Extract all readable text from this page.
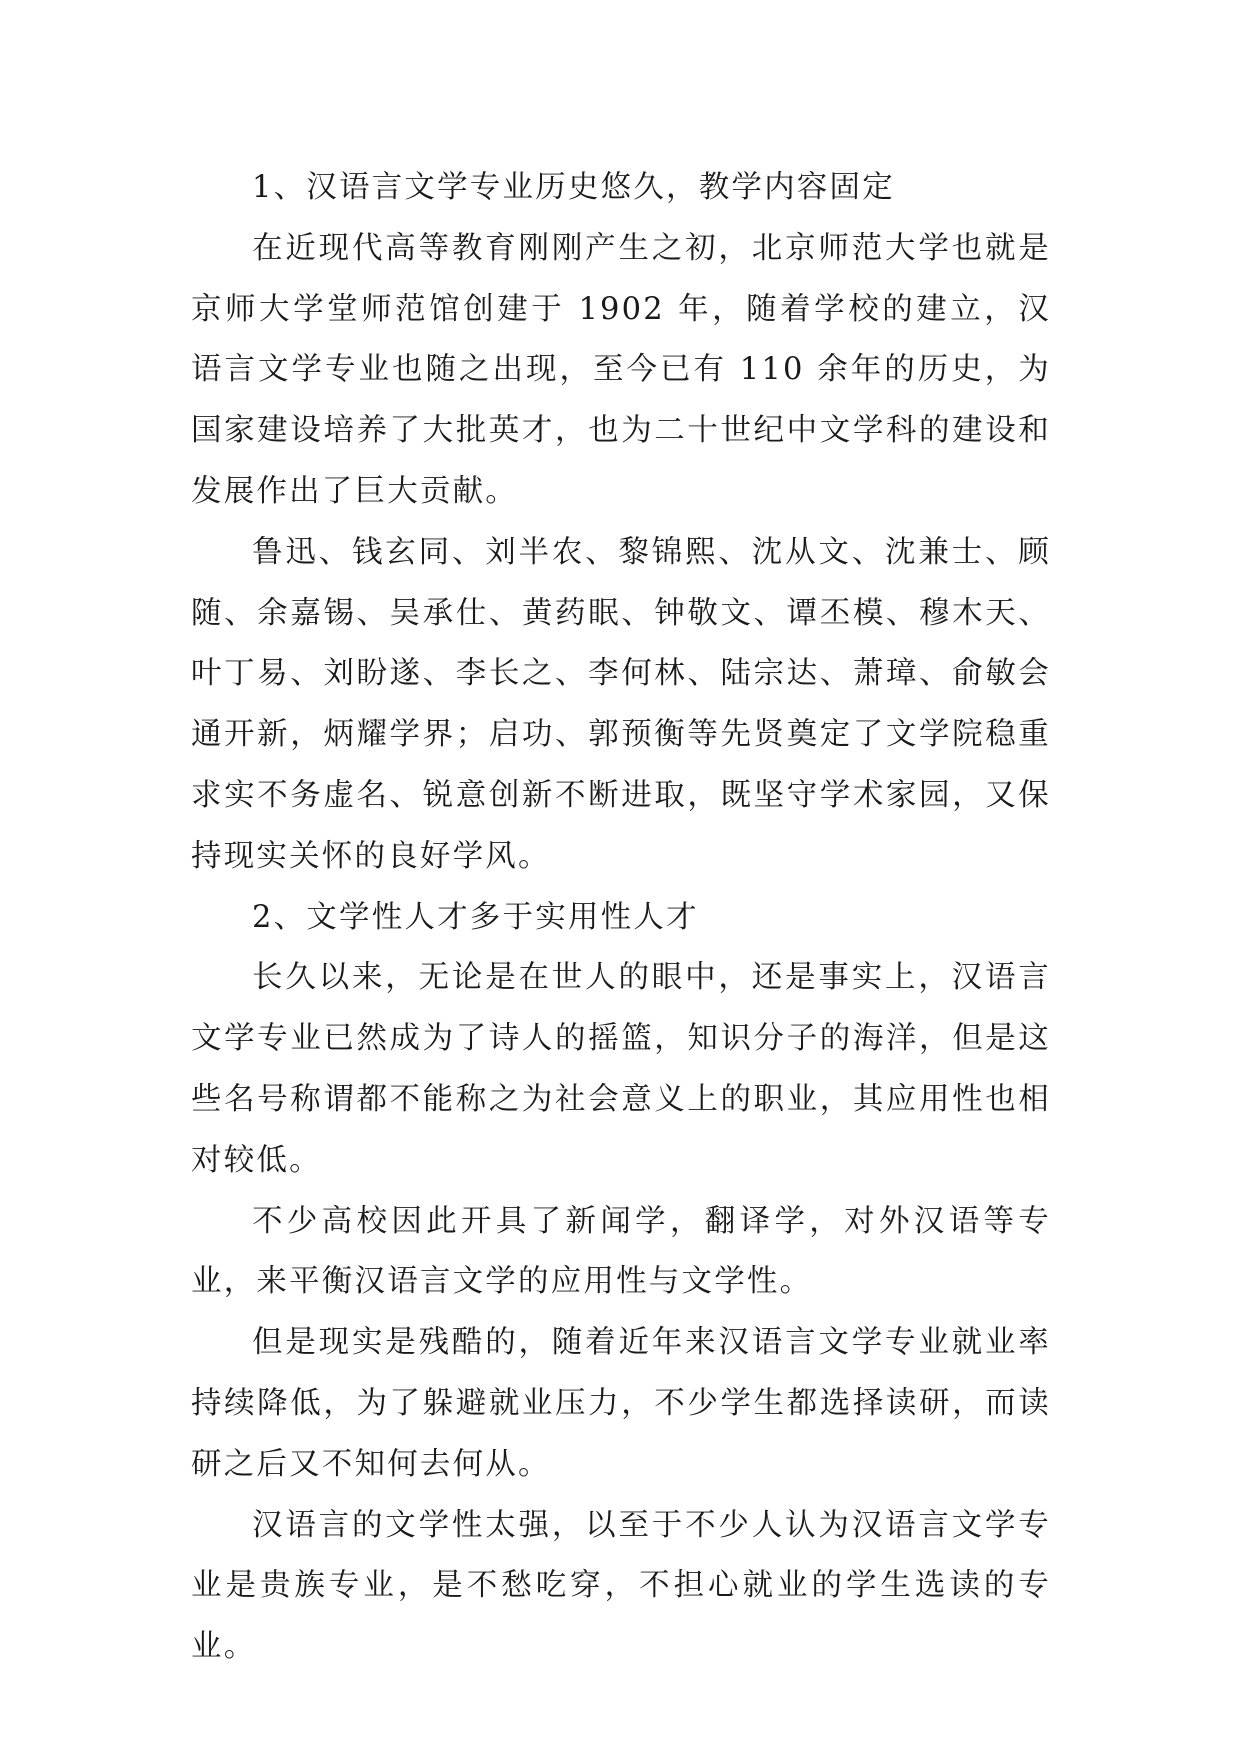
1、汉语言文学专业历史悠久，教学内容固定

在近现代高等教育刚刚产生之初，北京师范大学也就是京师大学堂师范馆创建于 1902 年，随着学校的建立，汉语言文学专业也随之出现，至今已有 110 余年的历史，为国家建设培养了大批英才，也为二十世纪中文学科的建设和发展作出了巨大贡献。

鲁迅、钱玄同、刘半农、黎锦熙、沈从文、沈兼士、顾随、余嘉锡、吴承仕、黄药眠、钟敬文、谭丕模、穆木天、叶丁易、刘盼遂、李长之、李何林、陆宗达、萧璋、俞敏会通开新，炳耀学界；启功、郭预衡等先贤奠定了文学院稳重求实不务虚名、锐意创新不断进取，既坚守学术家园，又保持现实关怀的良好学风。

2、文学性人才多于实用性人才

长久以来，无论是在世人的眼中，还是事实上，汉语言文学专业已然成为了诗人的摇篮，知识分子的海洋，但是这些名号称谓都不能称之为社会意义上的职业，其应用性也相对较低。

不少高校因此开具了新闻学，翻译学，对外汉语等专业，来平衡汉语言文学的应用性与文学性。

但是现实是残酷的，随着近年来汉语言文学专业就业率持续降低，为了躲避就业压力，不少学生都选择读研，而读研之后又不知何去何从。

汉语言的文学性太强，以至于不少人认为汉语言文学专业是贵族专业，是不愁吃穿，不担心就业的学生选读的专业。
